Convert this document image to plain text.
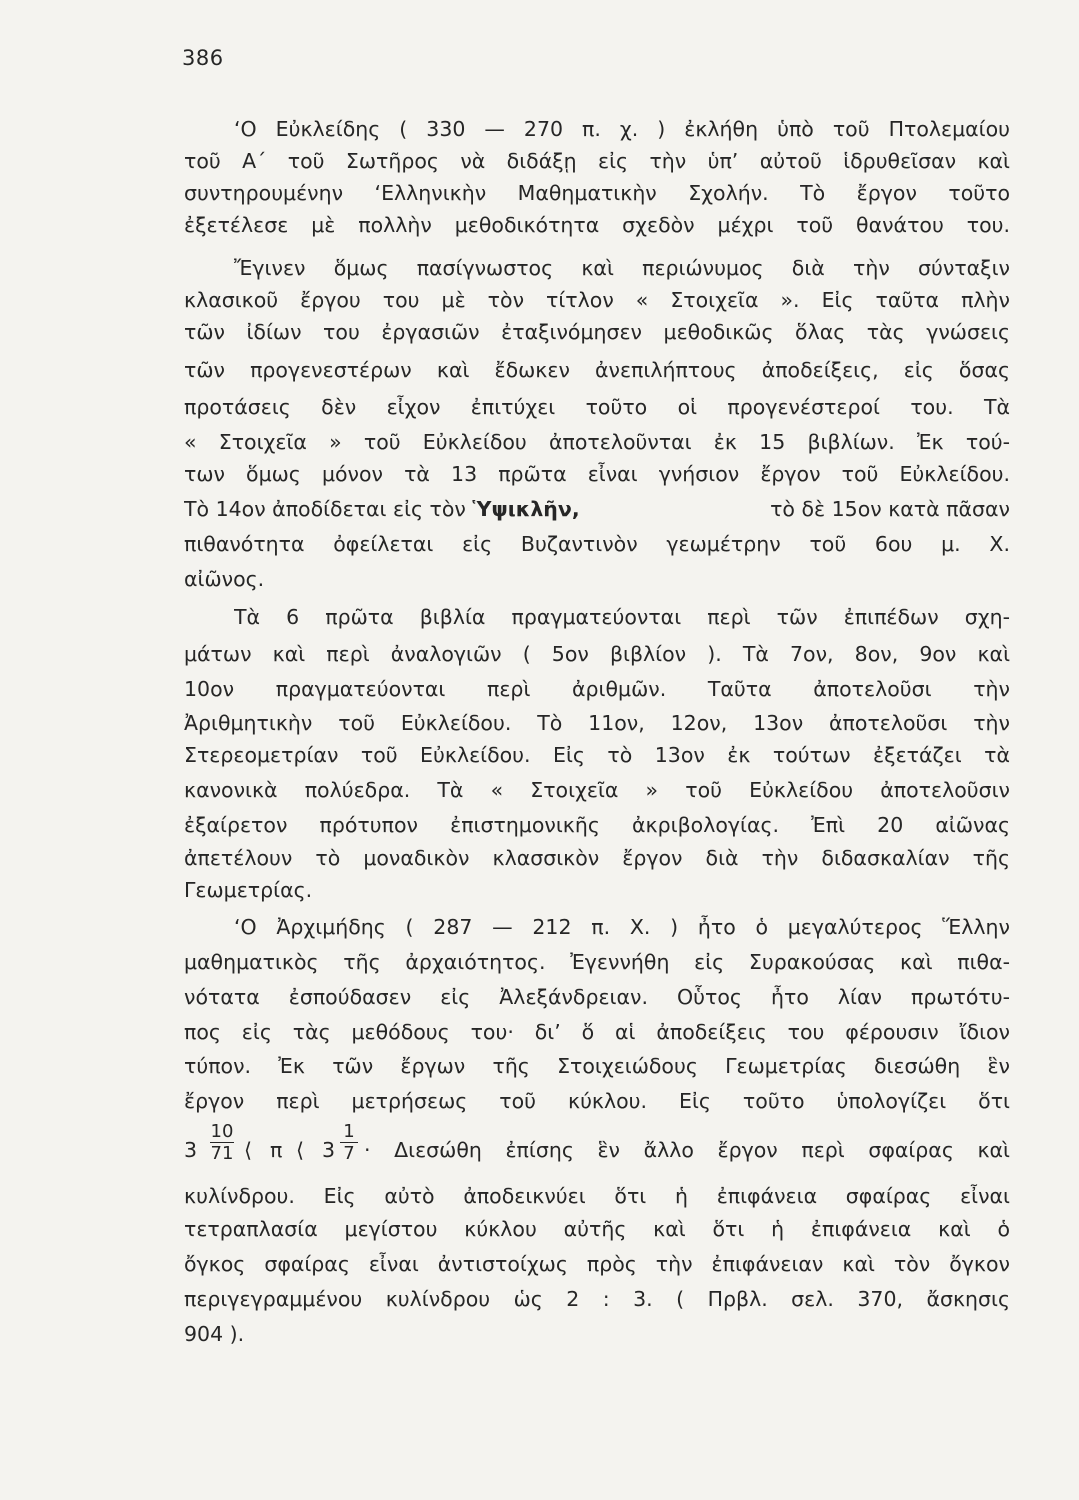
386
‘Ο Εὐκλείδης ( 330 — 270 π. χ. ) ἐκλήθη ὑπὸ τοῦ Πτολεμαίου
τοῦ Α΄ τοῦ Σωτῆρος νὰ διδάξῃ εἰς τὴν ὑπ’ αὐτοῦ ἱδρυθεῖσαν καὶ
συντηρουμένην ‘Ελληνικὴν Μαθηματικὴν Σχολήν. Τὸ ἔργον τοῦτο
ἐξετέλεσε μὲ πολλὴν μεθοδικότητα σχεδὸν μέχρι τοῦ θανάτου του.
Ἔγινεν ὅμως πασίγνωστος καὶ περιώνυμος διὰ τὴν σύνταξιν
κλασικοῦ ἔργου του μὲ τὸν τίτλον « Στοιχεῖα ». Εἰς ταῦτα πλὴν
τῶν ἰδίων του ἐργασιῶν ἐταξινόμησεν μεθοδικῶς ὅλας τὰς γνώσεις
τῶν προγενεστέρων καὶ ἔδωκεν ἀνεπιλήπτους ἀποδείξεις, εἰς ὅσας
προτάσεις δὲν εἶχον ἐπιτύχει τοῦτο οἱ προγενέστεροί του. Τὰ
« Στοιχεῖα » τοῦ Εὐκλείδου ἀποτελοῦνται ἐκ 15 βιβλίων. Ἐκ τού-
των ὅμως μόνον τὰ 13 πρῶτα εἶναι γνήσιον ἔργον τοῦ Εὐκλείδου.
Τὸ 14ον ἀποδίδεται εἰς τὸν Ὑψικλῆν,	τὸ δὲ 15ον κατὰ πᾶσαν
πιθανότητα ὀφείλεται εἰς Βυζαντινὸν γεωμέτρην τοῦ 6ου μ. Χ.
αἰῶνος.
Τὰ 6 πρῶτα βιβλία πραγματεύονται περὶ τῶν ἐπιπέδων σχη-
μάτων καὶ περὶ ἀναλογιῶν ( 5ον βιβλίον ). Τὰ 7ον, 8ον, 9ον καὶ
10ον πραγματεύονται περὶ ἀριθμῶν. Ταῦτα ἀποτελοῦσι τὴν
Ἀριθμητικὴν τοῦ Εὐκλείδου. Τὸ 11ον, 12ον, 13ον ἀποτελοῦσι τὴν
Στερεομετρίαν τοῦ Εὐκλείδου. Εἰς τὸ 13ον ἐκ τούτων ἐξετάζει τὰ
κανονικὰ πολύεδρα. Τὰ « Στοιχεῖα » τοῦ Εὐκλείδου ἀποτελοῦσιν
ἐξαίρετον πρότυπον ἐπιστημονικῆς ἀκριβολογίας. Ἐπὶ 20 αἰῶνας
ἀπετέλουν τὸ μοναδικὸν κλασσικὸν ἔργον διὰ τὴν διδασκαλίαν τῆς
Γεωμετρίας.
‘Ο Ἀρχιμήδης ( 287 — 212 π. Χ. ) ἦτο ὁ μεγαλύτερος Ἕλλην
μαθηματικὸς τῆς ἀρχαιότητος. Ἐγεννήθη εἰς Συρακούσας καὶ πιθα-
νότατα ἐσπούδασεν εἰς Ἀλεξάνδρειαν. Οὗτος ἦτο λίαν πρωτότυ-
πος εἰς τὰς μεθόδους του· δι’ ὅ αἱ ἀποδείξεις του φέρουσιν ἴδιον
τύπον. Ἐκ τῶν ἔργων τῆς Στοιχειώδους Γεωμετρίας διεσώθη ἓν
ἔργον περὶ μετρήσεως τοῦ κύκλου. Εἰς τοῦτο ὑπολογίζει ὅτι
$3 \frac{10}{71}$ ⟨ π ⟨ $3 \frac{1}{7} \cdot \Delta\iota\varepsilon\sigma ώ\theta\eta$ ἐπίσης ἓν ἄλλο ἔργον περὶ σφαίρας καὶ
κυλίνδρου. Εἰς αὐτὸ ἀποδεικνύει ὅτι ἡ ἐπιφάνεια σφαίρας εἶναι
τετραπλασία μεγίστου κύκλου αὐτῆς καὶ ὅτι ἡ ἐπιφάνεια καὶ ὁ
ὄγκος σφαίρας εἶναι ἀντιστοίχως πρὸς τὴν ἐπιφάνειαν καὶ τὸν ὄγκον
περιγεγραμμένου κυλίνδρου ὡς 2 : 3. ( Πρβλ. σελ. 370, ἄσκησις
904 ).
